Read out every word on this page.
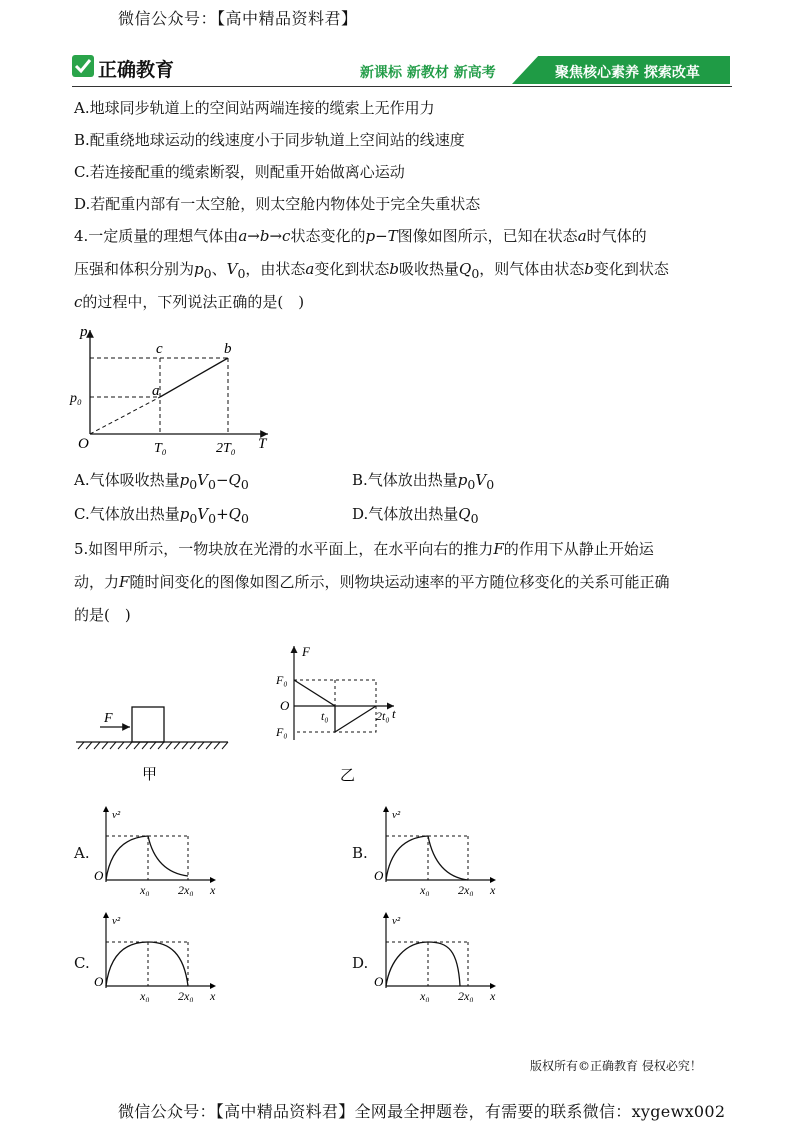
微信公众号：【高中精品资料君】
正确教育	新课标 新教材 新高考	聚焦核心素养 探索改革
A.地球同步轨道上的空间站两端连接的缆索上无作用力
B.配重绕地球运动的线速度小于同步轨道上空间站的线速度
C.若连接配重的缆索断裂，则配重开始做离心运动
D.若配重内部有一太空舱，则太空舱内物体处于完全失重状态
4.一定质量的理想气体由a→b→c状态变化的p−T图像如图所示，已知在状态a时气体的
压强和体积分别为$p_0$、$V_0$，由状态a变化到状态b吸收热量$Q_0$，则气体由状态b变化到状态
c的过程中，下列说法正确的是(　)
p
T
O
a
b
c
p₀
T₀	2T₀
A.气体吸收热量$p_0V_0-Q_0$	B.气体放出热量$p_0V_0$
C.气体放出热量$p_0V_0+Q_0$	D.气体放出热量$Q_0$
5.如图甲所示，一物块放在光滑的水平面上，在水平向右的推力F的作用下从静止开始运
动，力F随时间变化的图像如图乙所示，则物块运动速率的平方随位移变化的关系可能正确
的是(　)
F
甲
F
F₀
O
t₀	2t₀ t
F₀
乙
A.
v²
O
x₀ 2x₀ x
B.
v²
O
x₀ 2x₀ x
C.
v²
O
x₀ 2x₀ x
D.
v²
O
x₀ 2x₀ x
版权所有©正确教育 侵权必究！
微信公众号：【高中精品资料君】全网最全押题卷，有需要的联系微信：xygewx002
